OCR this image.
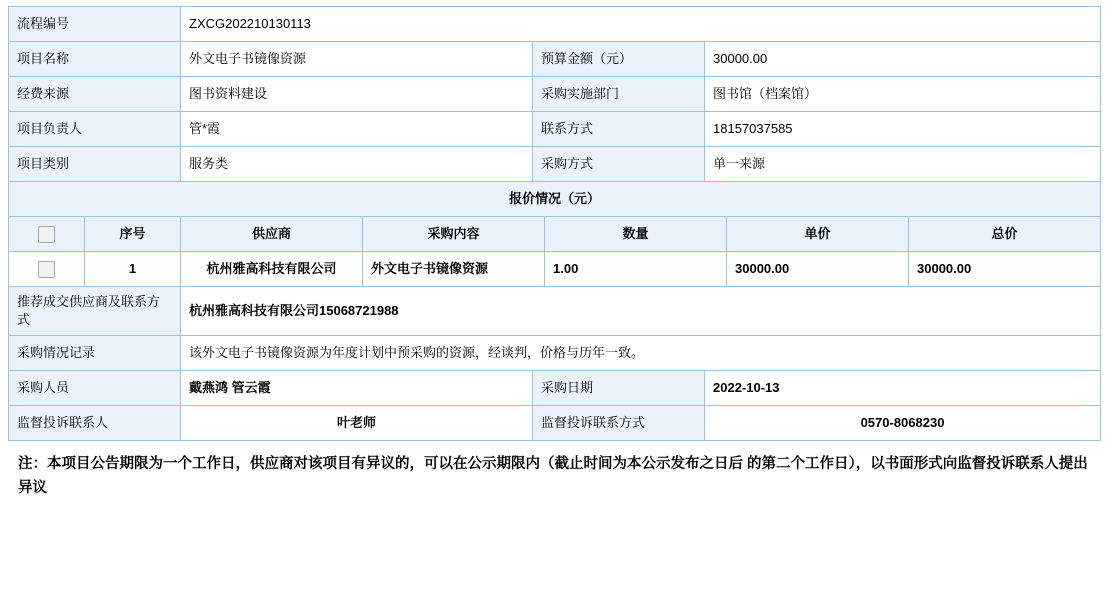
流程编号	ZXCG202210130113		
项目名称	外文电子书镜像资源	预算金额（元）	30000.00
经费来源	图书资料建设	采购实施部门	图书馆（档案馆）
项目负责人	管*霞	联系方式	18157037585
项目类别	服务类	采购方式	单一来源
报价情况（元）			
	序号	供应商	采购内容	数量	单价	总价
	1	杭州雅高科技有限公司	外文电子书镜像资源	1.00	30000.00	30000.00
推荐成交供应商及联系方式	杭州雅高科技有限公司15068721988		
采购情况记录	该外文电子书镜像资源为年度计划中预采购的资源，经谈判，价格与历年一致。		
采购人员	戴燕鸿 管云霞	采购日期	2022-10-13
监督投诉联系人	叶老师	监督投诉联系方式	0570-8068230
注：本项目公告期限为一个工作日，供应商对该项目有异议的，可以在公示期限内（截止时间为本公示发布之日后 的第二个工作日），以书面形式向监督投诉联系人提出异议
